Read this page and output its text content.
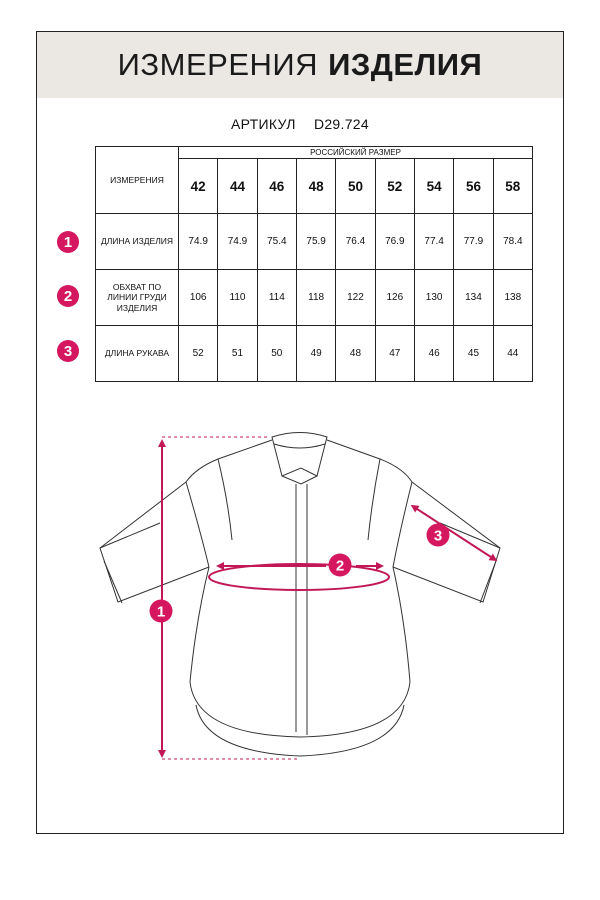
ИЗМЕРЕНИЯ ИЗДЕЛИЯ
АРТИКУЛ D29.724
ИЗМЕРЕНИЯ	РОССИЙСКИЙ РАЗМЕР								
	42	44	46	48	50	52	54	56	58
ДЛИНА ИЗДЕЛИЯ	74.9	74.9	75.4	75.9	76.4	76.9	77.4	77.9	78.4
ОБХВАТ ПО ЛИНИИ ГРУДИ ИЗДЕЛИЯ	106	110	114	118	122	126	130	134	138
ДЛИНА РУКАВА	52	51	50	49	48	47	46	45	44
1
2
3
1
2
3
